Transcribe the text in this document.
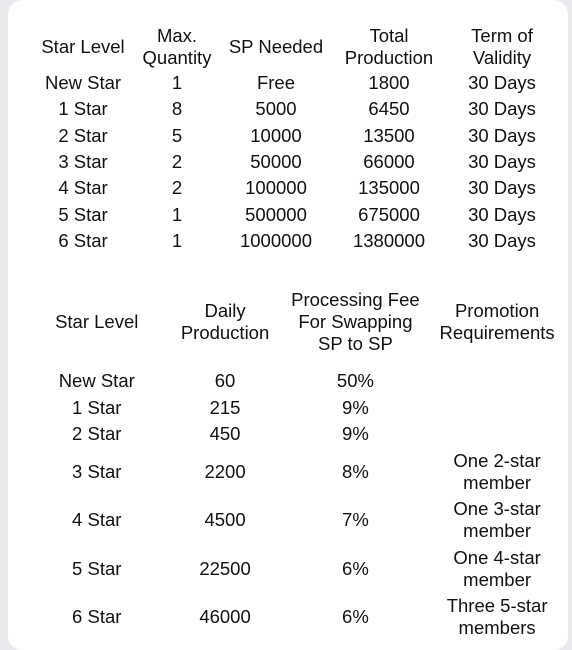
Star Level	Max. Quantity	SP Needed	Total Production	Term of Validity
New Star	1	Free	1800	30 Days
1 Star	8	5000	6450	30 Days
2 Star	5	10000	13500	30 Days
3 Star	2	50000	66000	30 Days
4 Star	2	100000	135000	30 Days
5 Star	1	500000	675000	30 Days
6 Star	1	1000000	1380000	30 Days
Star Level	Daily Production	Processing Fee For Swapping SP to SP	Promotion Requirements
New Star	60	50%	
1 Star	215	9%	
2 Star	450	9%	
3 Star	2200	8%	One 2-star member
4 Star	4500	7%	One 3-star member
5 Star	22500	6%	One 4-star member
6 Star	46000	6%	Three 5-star members
